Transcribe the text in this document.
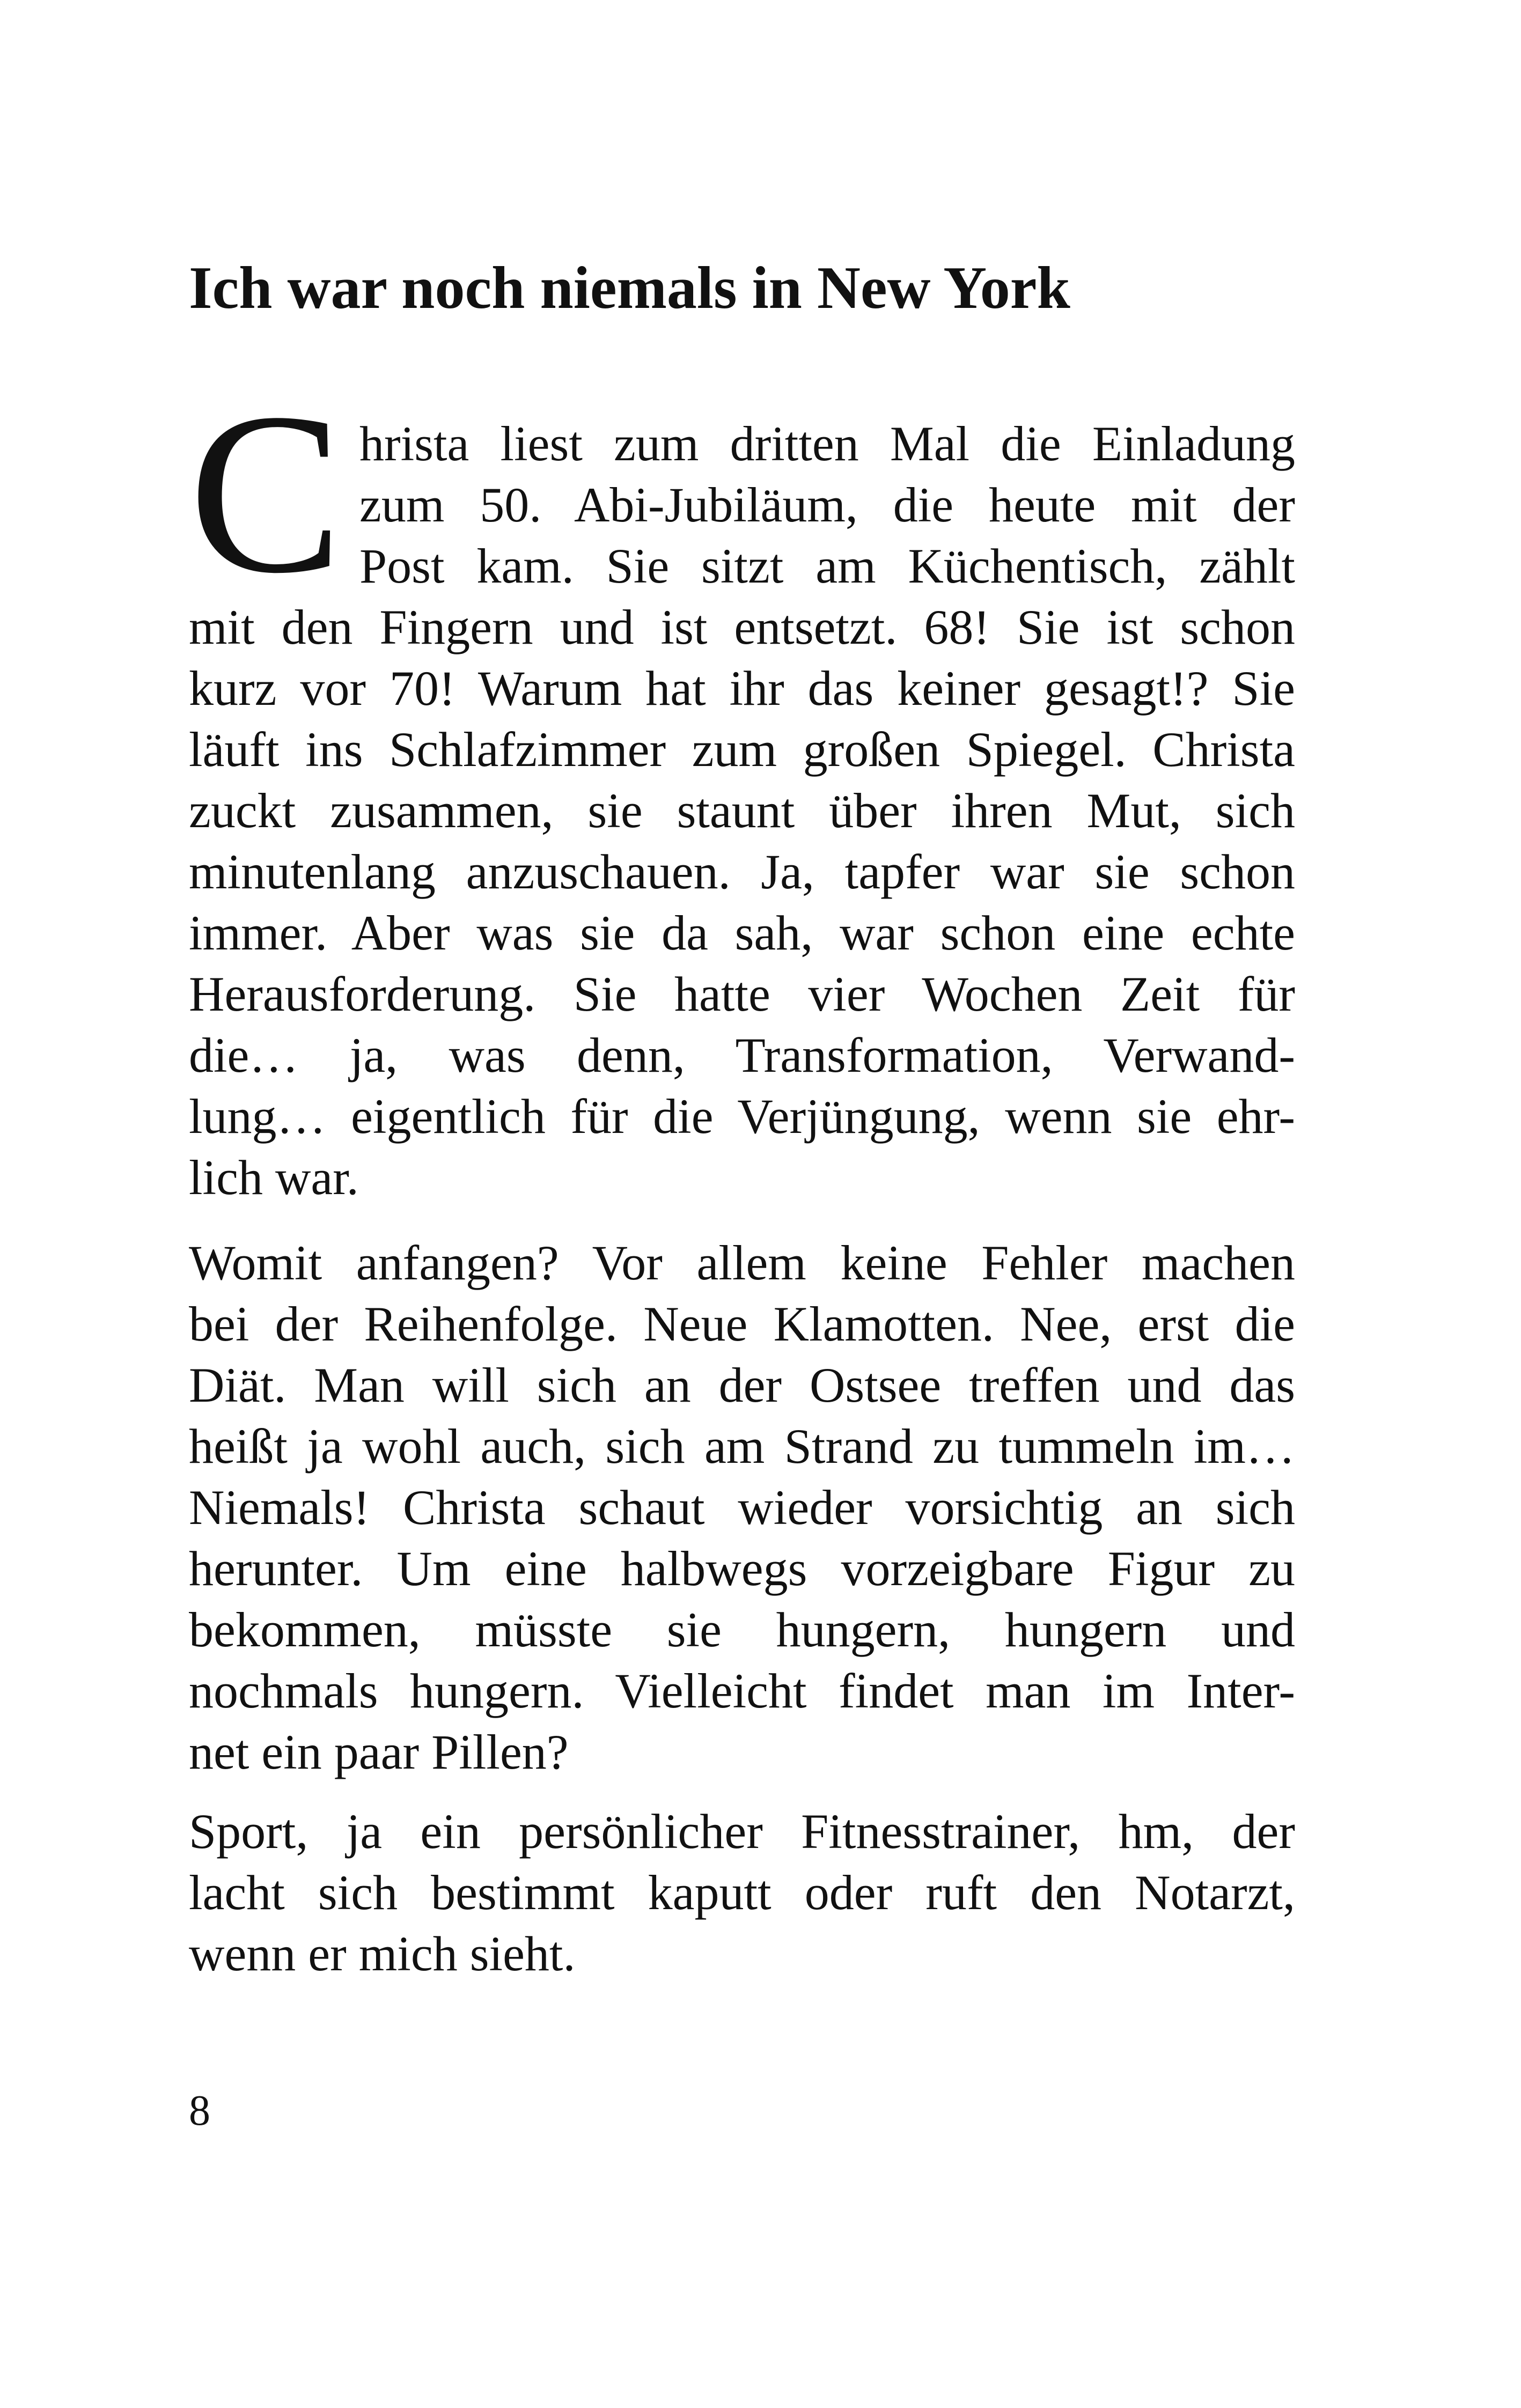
Ich war noch niemals in New York
C hrista liest zum dritten Mal die Einladung
zum 50. Abi-Jubiläum, die heute mit der
Post kam. Sie sitzt am Küchentisch, zählt
mit den Fingern und ist entsetzt. 68! Sie ist schon
kurz vor 70! Warum hat ihr das keiner gesagt!? Sie
läuft ins Schlafzimmer zum großen Spiegel. Christa
zuckt zusammen, sie staunt über ihren Mut, sich
minutenlang anzuschauen. Ja, tapfer war sie schon
immer. Aber was sie da sah, war schon eine echte
Herausforderung. Sie hatte vier Wochen Zeit für
die… ja, was denn, Transformation, Verwand-
lung… eigentlich für die Verjüngung, wenn sie ehr-
lich war.
Womit anfangen? Vor allem keine Fehler machen
bei der Reihenfolge. Neue Klamotten. Nee, erst die
Diät. Man will sich an der Ostsee treffen und das
heißt ja wohl auch, sich am Strand zu tummeln im…
Niemals! Christa schaut wieder vorsichtig an sich
herunter. Um eine halbwegs vorzeigbare Figur zu
bekommen, müsste sie hungern, hungern und
nochmals hungern. Vielleicht findet man im Inter-
net ein paar Pillen?
Sport, ja ein persönlicher Fitnesstrainer, hm, der
lacht sich bestimmt kaputt oder ruft den Notarzt,
wenn er mich sieht.
8
